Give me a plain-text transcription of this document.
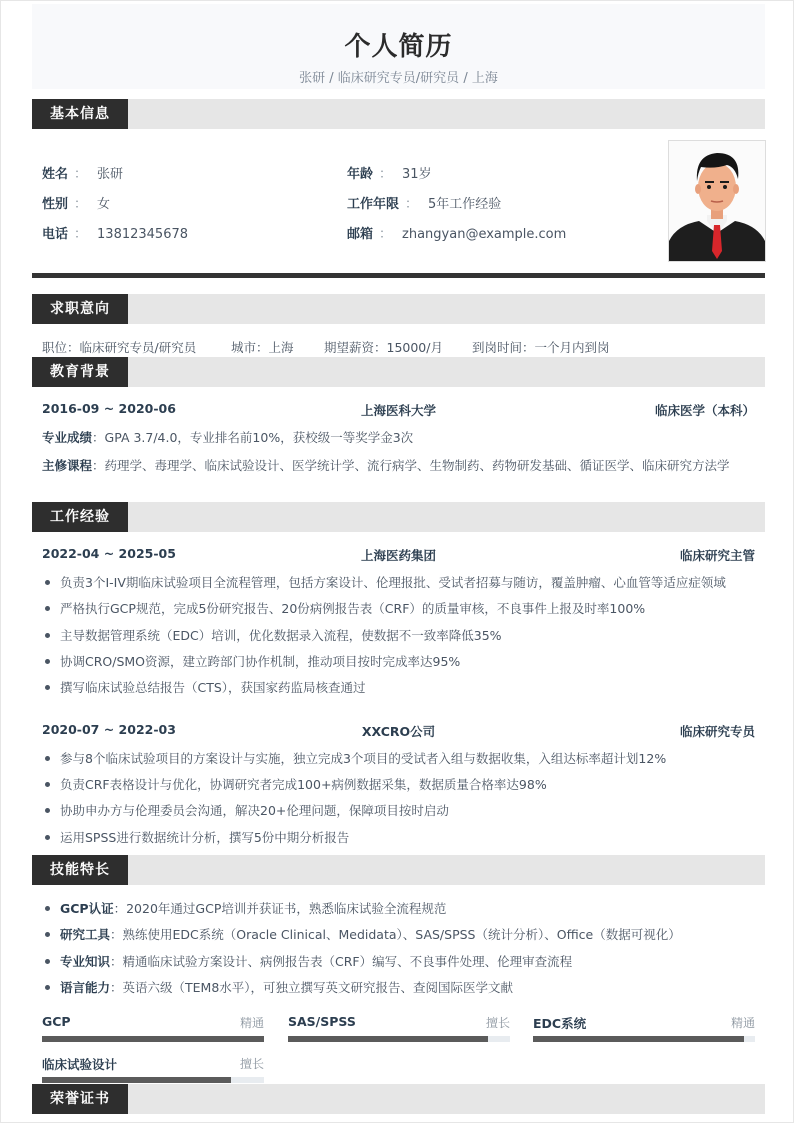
个人简历
张研 / 临床研究专员/研究员 / 上海
基本信息
姓名 ： 张研
性别 ： 女
电话 ： 13812345678
年龄 ： 31岁
工作年限 ： 5年工作经验
邮箱 ： zhangyan@example.com
求职意向
职位：临床研究专员/研究员	城市：上海 期望薪资：15000/月 到岗时间：一个月内到岗
教育背景
2016-09 ~ 2020-06	上海医科大学	临床医学（本科）
专业成绩：GPA 3.7/4.0，专业排名前10%，获校级一等奖学金3次
主修课程：药理学、毒理学、临床试验设计、医学统计学、流行病学、生物制药、药物研发基础、循证医学、临床研究方法学
工作经验
2022-04 ~ 2025-05	上海医药集团	临床研究主管
负责3个I-IV期临床试验项目全流程管理，包括方案设计、伦理报批、受试者招募与随访，覆盖肿瘤、心血管等适应症领域
严格执行GCP规范，完成5份研究报告、20份病例报告表（CRF）的质量审核，不良事件上报及时率100%
主导数据管理系统（EDC）培训，优化数据录入流程，使数据不一致率降低35%
协调CRO/SMO资源，建立跨部门协作机制，推动项目按时完成率达95%
撰写临床试验总结报告（CTS），获国家药监局核查通过
2020-07 ~ 2022-03	XXCRO公司	临床研究专员
参与8个临床试验项目的方案设计与实施，独立完成3个项目的受试者入组与数据收集，入组达标率超计划12%
负责CRF表格设计与优化，协调研究者完成100+病例数据采集，数据质量合格率达98%
协助申办方与伦理委员会沟通，解决20+伦理问题，保障项目按时启动
运用SPSS进行数据统计分析，撰写5份中期分析报告
技能特长
GCP认证：2020年通过GCP培训并获证书，熟悉临床试验全流程规范
研究工具：熟练使用EDC系统（Oracle Clinical、Medidata）、SAS/SPSS（统计分析）、Office（数据可视化）
专业知识：精通临床试验方案设计、病例报告表（CRF）编写、不良事件处理、伦理审查流程
语言能力：英语六级（TEM8水平），可独立撰写英文研究报告、查阅国际医学文献
GCP	精通 SAS/SPSS	擅长 EDC系统	精通
临床试验设计	擅长
荣誉证书
